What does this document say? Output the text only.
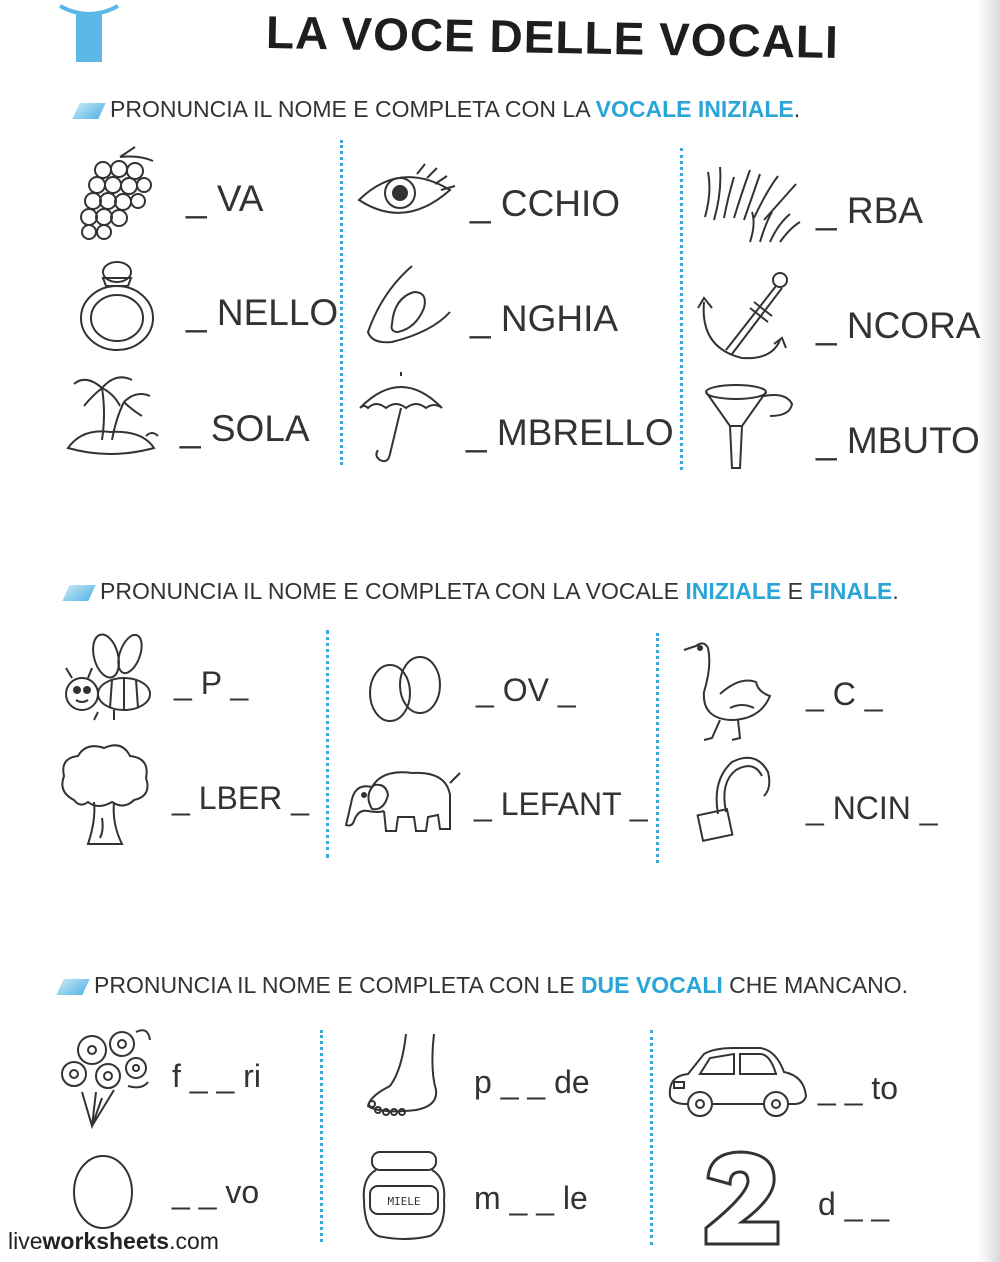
LA VOCE DELLE VOCALI
PRONUNCIA IL NOME E COMPLETA CON LA VOCALE INIZIALE.
_ VA	_ CCHIO	_ RBA
_ NELLO	_ NGHIA	_ NCORA
_ SOLA	_ MBRELLO	_ MBUTO
PRONUNCIA IL NOME E COMPLETA CON LA VOCALE INIZIALE E FINALE.
_ P _	_ OV _	_ C _
_ LBER _	_ LEFANT _	_ NCIN _
PRONUNCIA IL NOME E COMPLETA CON LE DUE VOCALI CHE MANCANO.
f _ _ ri	p _ _ de	_ _ to
_ _ vo	MIELE m _ _ le	d _ _
liveworksheets.com
